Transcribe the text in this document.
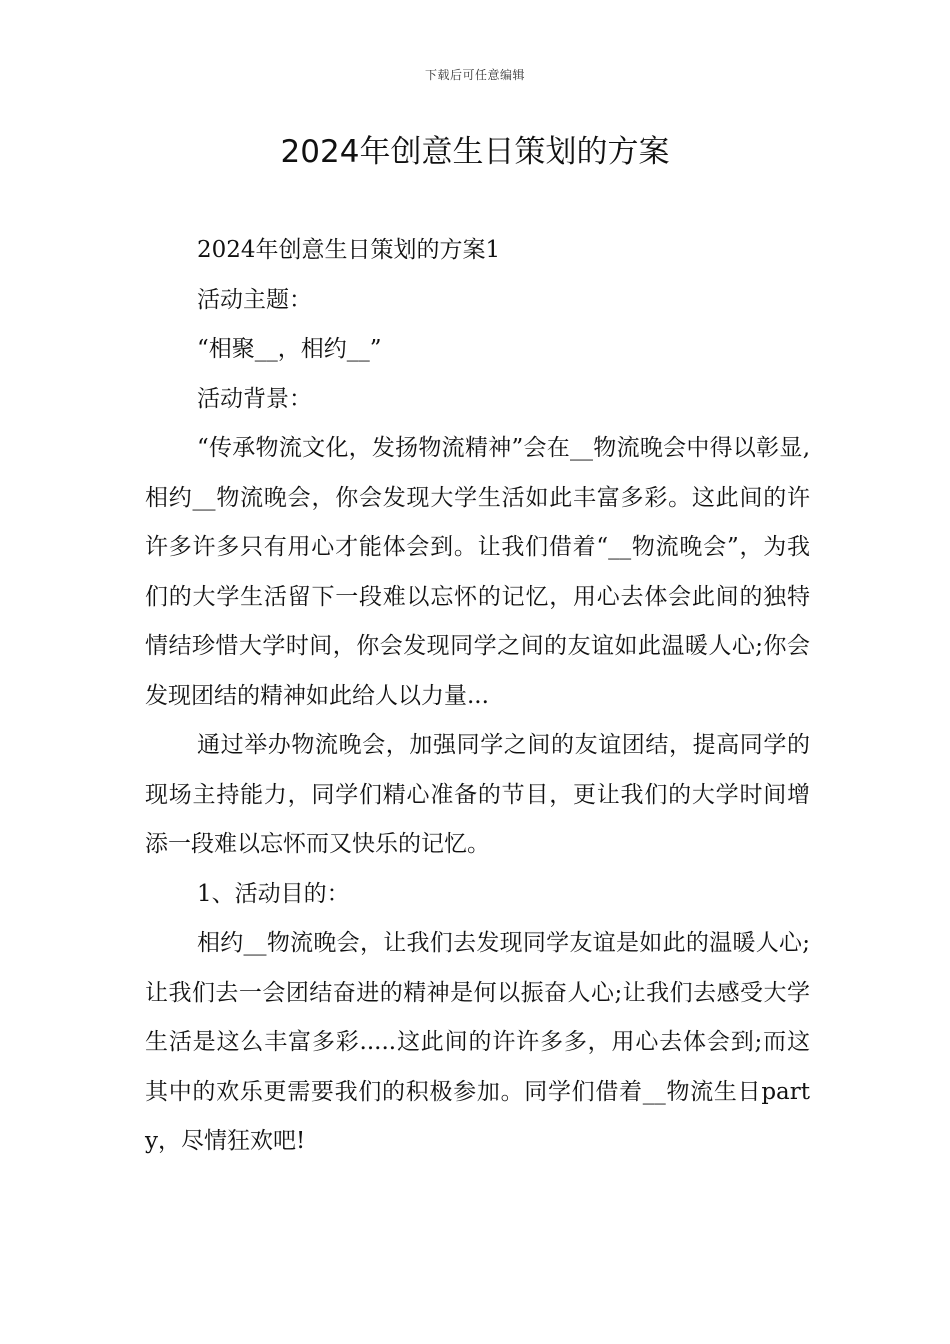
下载后可任意编辑
2024年创意生日策划的方案

2024年创意生日策划的方案1

活动主题：

“相聚__，相约__”

活动背景：

“传承物流文化，发扬物流精神”会在__物流晚会中得以彰显,相约__物流晚会，你会发现大学生活如此丰富多彩。这此间的许许多许多只有用心才能体会到。让我们借着“__物流晚会”，为我们的大学生活留下一段难以忘怀的记忆，用心去体会此间的独特情结珍惜大学时间，你会发现同学之间的友谊如此温暖人心;你会发现团结的精神如此给人以力量...

通过举办物流晚会，加强同学之间的友谊团结，提高同学的现场主持能力，同学们精心准备的节目，更让我们的大学时间增添一段难以忘怀而又快乐的记忆。

1、活动目的：

相约__物流晚会，让我们去发现同学友谊是如此的温暖人心;让我们去一会团结奋进的精神是何以振奋人心;让我们去感受大学生活是这么丰富多彩.....这此间的许许多多，用心去体会到;而这其中的欢乐更需要我们的积极参加。同学们借着__物流生日party，尽情狂欢吧!
